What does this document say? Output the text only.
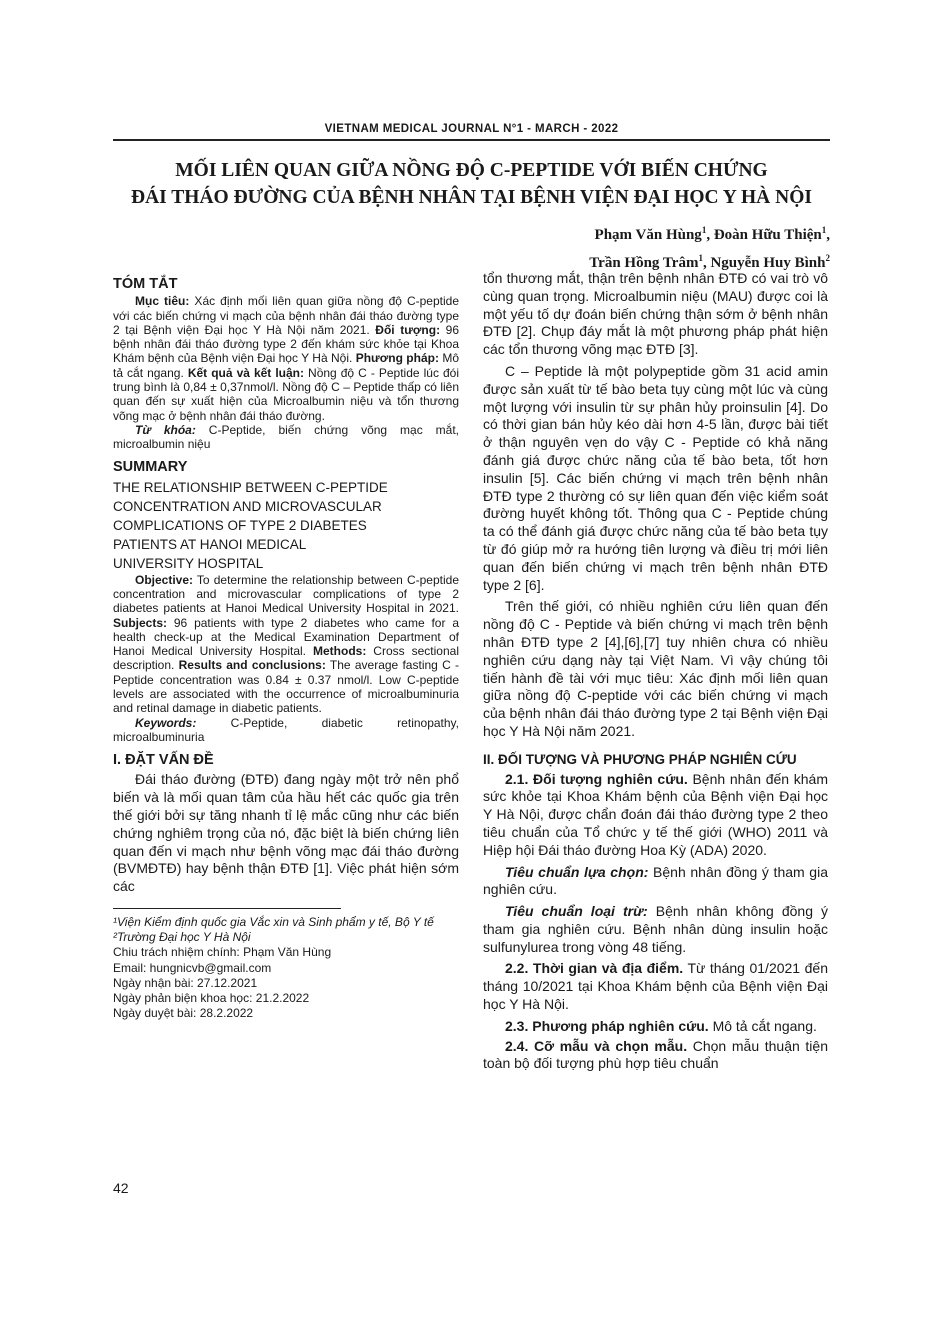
VIETNAM MEDICAL JOURNAL N°1 - MARCH - 2022
MỐI LIÊN QUAN GIỮA NỒNG ĐỘ C-PEPTIDE VỚI BIẾN CHỨNG
ĐÁI THÁO ĐƯỜNG CỦA BỆNH NHÂN TẠI BỆNH VIỆN ĐẠI HỌC Y HÀ NỘI
Phạm Văn Hùng$^1$, Đoàn Hữu Thiện$^1$,
Trần Hồng Trâm$^1$, Nguyễn Huy Bình$^2$

TÓM TẮT

Mục tiêu: Xác định mối liên quan giữa nồng độ C-peptide với các biến chứng vi mạch của bệnh nhân đái tháo đường type 2 tại Bệnh viện Đại học Y Hà Nội năm 2021. Đối tượng: 96 bệnh nhân đái tháo đường type 2 đến khám sức khỏe tại Khoa Khám bệnh của Bệnh viện Đại học Y Hà Nội. Phương pháp: Mô tả cắt ngang. Kết quả và kết luận: Nồng độ C - Peptide lúc đói trung bình là 0,84 ± 0,37nmol/l. Nồng độ C – Peptide thấp có liên quan đến sự xuất hiện của Microalbumin niệu và tổn thương võng mạc ở bệnh nhân đái tháo đường.

Từ khóa: C-Peptide, biến chứng võng mạc mắt, microalbumin niệu

SUMMARY

THE RELATIONSHIP BETWEEN C-PEPTIDE

CONCENTRATION AND MICROVASCULAR

COMPLICATIONS OF TYPE 2 DIABETES

PATIENTS AT HANOI MEDICAL

UNIVERSITY HOSPITAL

Objective: To determine the relationship between C-peptide concentration and microvascular complications of type 2 diabetes patients at Hanoi Medical University Hospital in 2021. Subjects: 96 patients with type 2 diabetes who came for a health check-up at the Medical Examination Department of Hanoi Medical University Hospital. Methods: Cross sectional description. Results and conclusions: The average fasting C - Peptide concentration was 0.84 ± 0.37 nmol/l. Low C-peptide levels are associated with the occurrence of microalbuminuria and retinal damage in diabetic patients.

Keywords: C-Peptide, diabetic retinopathy, microalbuminuria

I. ĐẶT VẤN ĐỀ

Đái tháo đường (ĐTĐ) đang ngày một trở nên phổ biến và là mối quan tâm của hầu hết các quốc gia trên thế giới bởi sự tăng nhanh tỉ lệ mắc cũng như các biến chứng nghiêm trọng của nó, đặc biệt là biến chứng liên quan đến vi mạch như bệnh võng mạc đái tháo đường (BVMĐTĐ) hay bệnh thận ĐTĐ [1]. Việc phát hiện sớm các

¹Viện Kiểm định quốc gia Vắc xin và Sinh phẩm y tế, Bộ Y tế

²Trường Đại học Y Hà Nội

Chiu trách nhiệm chính: Phạm Văn Hùng

Email: hungnicvb@gmail.com

Ngày nhận bài: 27.12.2021

Ngày phản biện khoa học: 21.2.2022

Ngày duyệt bài: 28.2.2022

tổn thương mắt, thận trên bệnh nhân ĐTĐ có vai trò vô cùng quan trọng. Microalbumin niệu (MAU) được coi là một yếu tố dự đoán biến chứng thận sớm ở bệnh nhân ĐTĐ [2]. Chụp đáy mắt là một phương pháp phát hiện các tổn thương võng mạc ĐTĐ [3].

C – Peptide là một polypeptide gồm 31 acid amin được sản xuất từ tế bào beta tụy cùng một lúc và cùng một lượng với insulin từ sự phân hủy proinsulin [4]. Do có thời gian bán hủy kéo dài hơn 4-5 lần, được bài tiết ở thận nguyên vẹn do vậy C - Peptide có khả năng đánh giá được chức năng của tế bào beta, tốt hơn insulin [5]. Các biến chứng vi mạch trên bệnh nhân ĐTĐ type 2 thường có sự liên quan đến việc kiểm soát đường huyết không tốt. Thông qua C - Peptide chúng ta có thể đánh giá được chức năng của tế bào beta tụy từ đó giúp mở ra hướng tiên lượng và điều trị mới liên quan đến biến chứng vi mạch trên bệnh nhân ĐTĐ type 2 [6].

Trên thế giới, có nhiều nghiên cứu liên quan đến nồng độ C - Peptide và biến chứng vi mạch trên bệnh nhân ĐTĐ type 2 [4],[6],[7] tuy nhiên chưa có nhiều nghiên cứu dạng này tại Việt Nam. Vì vậy chúng tôi tiến hành đề tài với mục tiêu: Xác định mối liên quan giữa nồng độ C-peptide với các biến chứng vi mạch của bệnh nhân đái tháo đường type 2 tại Bệnh viện Đại học Y Hà Nội năm 2021.

II. ĐỐI TƯỢNG VÀ PHƯƠNG PHÁP NGHIÊN CỨU

2.1. Đối tượng nghiên cứu. Bệnh nhân đến khám sức khỏe tại Khoa Khám bệnh của Bệnh viện Đại học Y Hà Nội, được chẩn đoán đái tháo đường type 2 theo tiêu chuẩn của Tổ chức y tế thế giới (WHO) 2011 và Hiệp hội Đái tháo đường Hoa Kỳ (ADA) 2020.

Tiêu chuẩn lựa chọn: Bệnh nhân đồng ý tham gia nghiên cứu.

Tiêu chuẩn loại trừ: Bệnh nhân không đồng ý tham gia nghiên cứu. Bệnh nhân dùng insulin hoặc sulfunylurea trong vòng 48 tiếng.

2.2. Thời gian và địa điểm. Từ tháng 01/2021 đến tháng 10/2021 tại Khoa Khám bệnh của Bệnh viện Đại học Y Hà Nội.

2.3. Phương pháp nghiên cứu. Mô tả cắt ngang.

2.4. Cỡ mẫu và chọn mẫu. Chọn mẫu thuận tiện toàn bộ đối tượng phù hợp tiêu chuẩn

42
